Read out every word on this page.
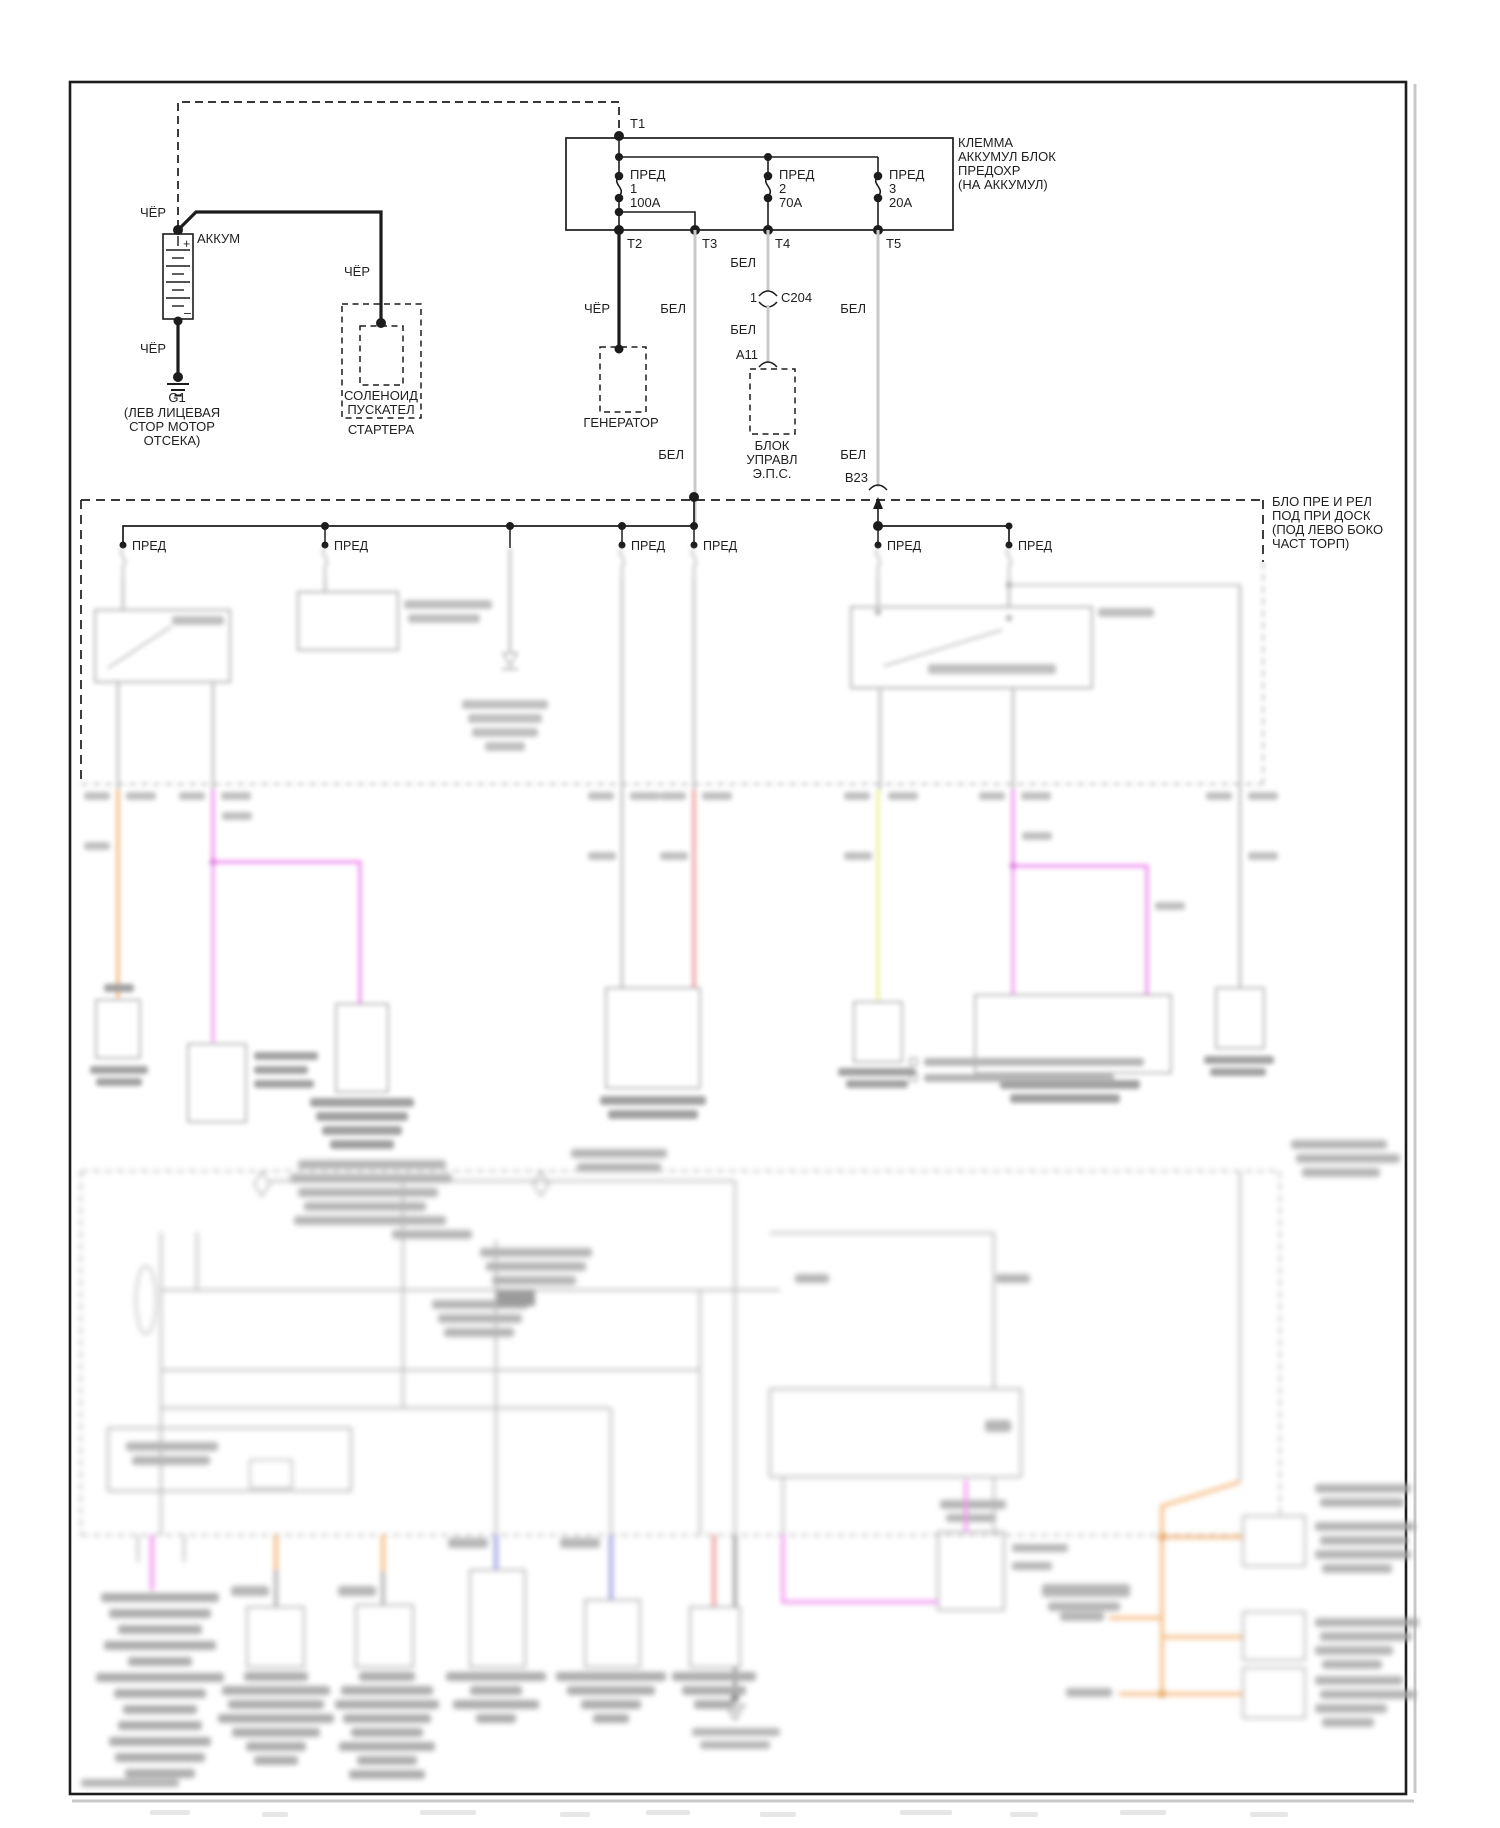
ЧЁР
АККУМ
+
–
ЧЁР
G1
(ЛЕВ ЛИЦЕВАЯ
СТОР МОТОР
ОТСЕКА)
ЧЁР
СОЛЕНОИД
ПУСКАТЕЛ
СТАРТЕРА
T1
ПРЕД
1
100A
ПРЕД
2
70A
ПРЕД
3
20A
КЛЕММА
АККУМУЛ БЛОК
ПРЕДОХР
(НА АККУМУЛ)
T2	T3	T4	T5
ЧЁР	БЕЛ
БЕЛ
1 C204
БЕЛ
A11
БЕЛ
ГЕНЕРАТОР
БЛОК
УПРАВЛ
Э.П.С.
БЕЛ	БЕЛ
B23
БЛО ПРЕ И РЕЛ
ПОД ПРИ ДОСК
(ПОД ЛЕВО БОКО
ЧАСТ ТОРП)
ПРЕД	ПРЕД	ПРЕД	ПРЕД	ПРЕД	ПРЕД
